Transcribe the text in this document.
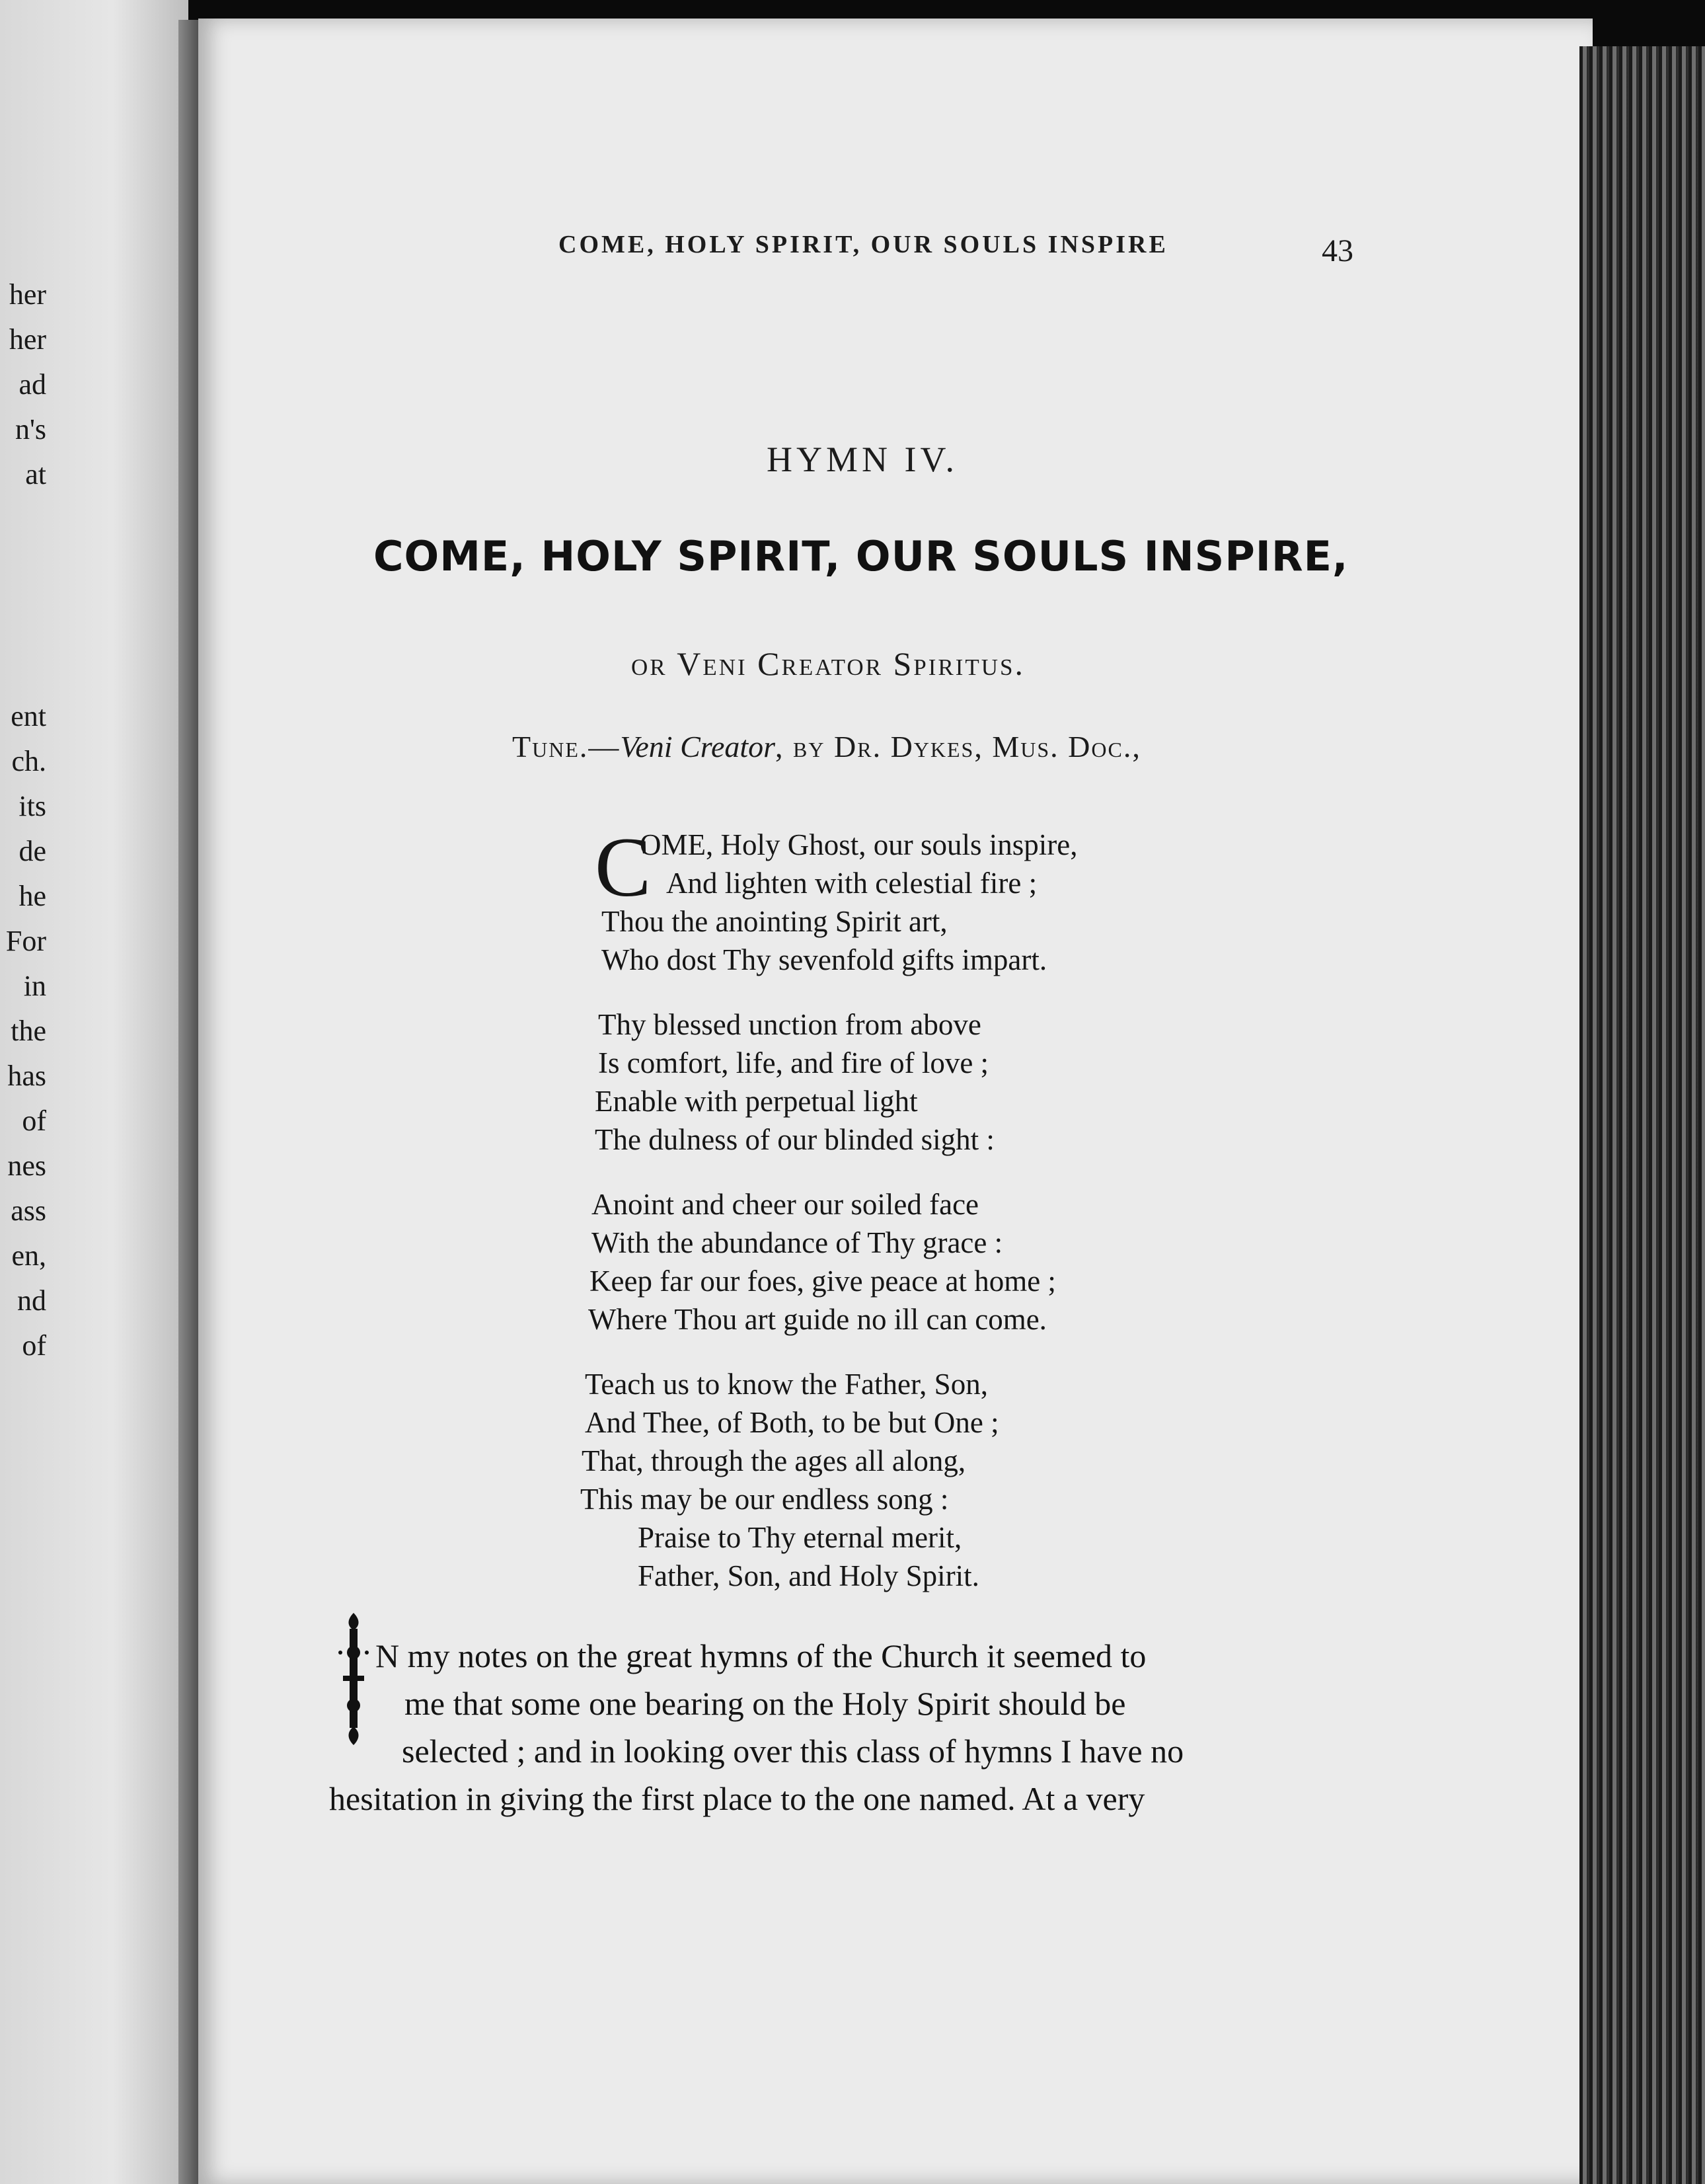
her
her
ad
n's
at
ent
ch.
its
de
he
For
in
the
has
of
nes
ass
en,
nd
of
COME, HOLY SPIRIT, OUR SOULS INSPIRE	43
HYMN IV.
COME, HOLY SPIRIT, OUR SOULS INSPIRE,
or Veni Creator Spiritus.
Tune.—Veni Creator, by Dr. Dykes, Mus. Doc.,
C
OME, Holy Ghost, our souls inspire,
And lighten with celestial fire ;
Thou the anointing Spirit art,
Who dost Thy sevenfold gifts impart.
Thy blessed unction from above
Is comfort, life, and fire of love ;
Enable with perpetual light
The dulness of our blinded sight :
Anoint and cheer our soiled face
With the abundance of Thy grace :
Keep far our foes, give peace at home ;
Where Thou art guide no ill can come.
Teach us to know the Father, Son,
And Thee, of Both, to be but One ;
That, through the ages all along,
This may be our endless song :
Praise to Thy eternal merit,
Father, Son, and Holy Spirit.
N my notes on the great hymns of the Church it seemed to
me that some one bearing on the Holy Spirit should be
selected ; and in looking over this class of hymns I have no
hesitation in giving the first place to the one named. At a very
